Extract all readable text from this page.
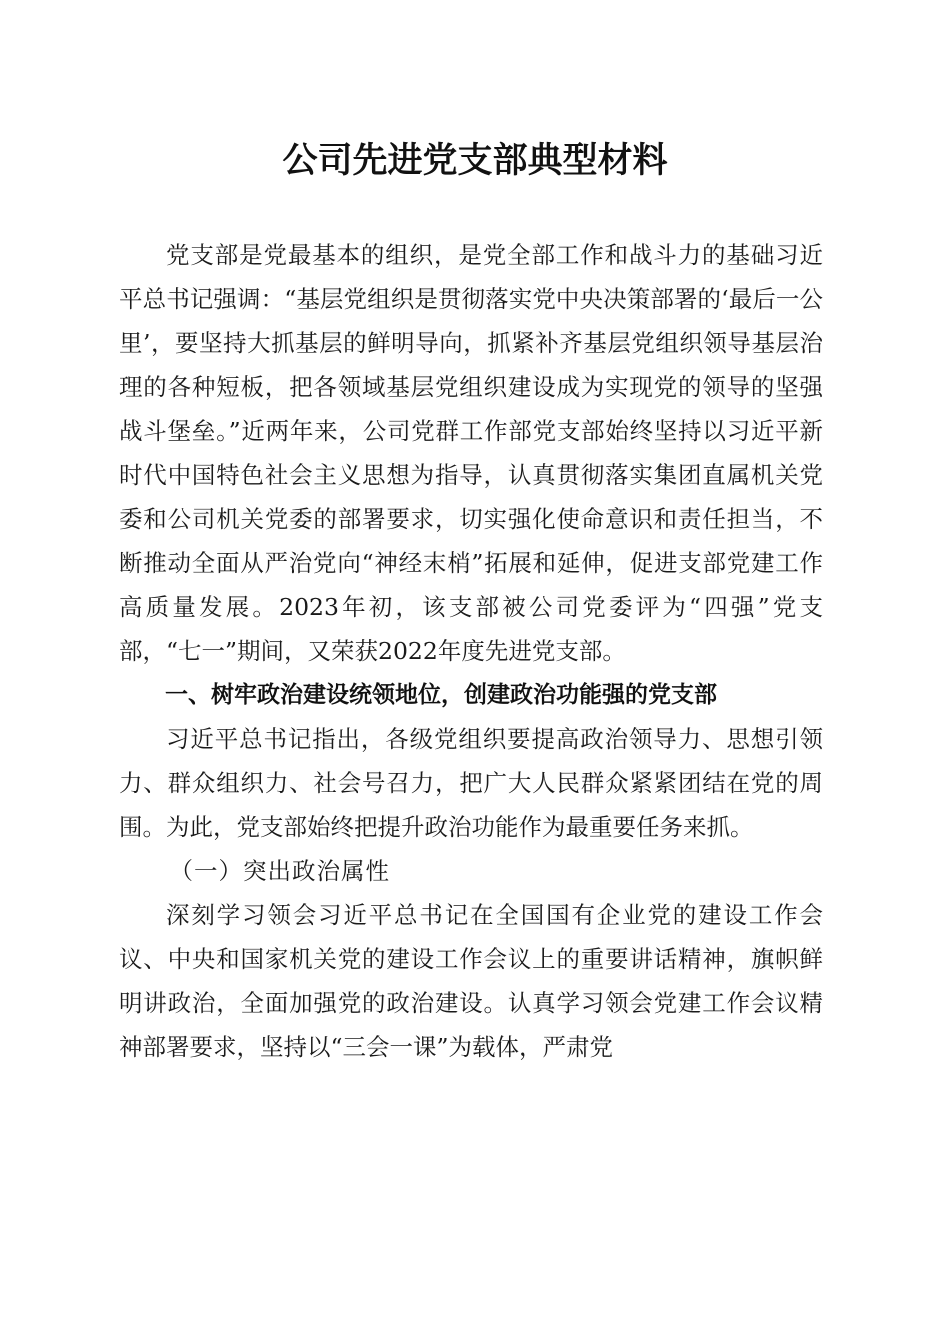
公司先进党支部典型材料

党支部是党最基本的组织，是党全部工作和战斗力的基础习近平总书记强调：“基层党组织是贯彻落实党中央决策部署的‘最后一公里’，要坚持大抓基层的鲜明导向，抓紧补齐基层党组织领导基层治理的各种短板，把各领域基层党组织建设成为实现党的领导的坚强战斗堡垒。”近两年来，公司党群工作部党支部始终坚持以习近平新时代中国特色社会主义思想为指导，认真贯彻落实集团直属机关党委和公司机关党委的部署要求，切实强化使命意识和责任担当，不断推动全面从严治党向“神经末梢”拓展和延伸，促进支部党建工作高质量发展。2023年初，该支部被公司党委评为“四强”党支部，“七一”期间，又荣获2022年度先进党支部。

一、树牢政治建设统领地位，创建政治功能强的党支部

习近平总书记指出，各级党组织要提高政治领导力、思想引领力、群众组织力、社会号召力，把广大人民群众紧紧团结在党的周围。为此，党支部始终把提升政治功能作为最重要任务来抓。

（一）突出政治属性

深刻学习领会习近平总书记在全国国有企业党的建设工作会议、中央和国家机关党的建设工作会议上的重要讲话精神，旗帜鲜明讲政治，全面加强党的政治建设。认真学习领会党建工作会议精神部署要求，坚持以“三会一课”为载体，严肃党
